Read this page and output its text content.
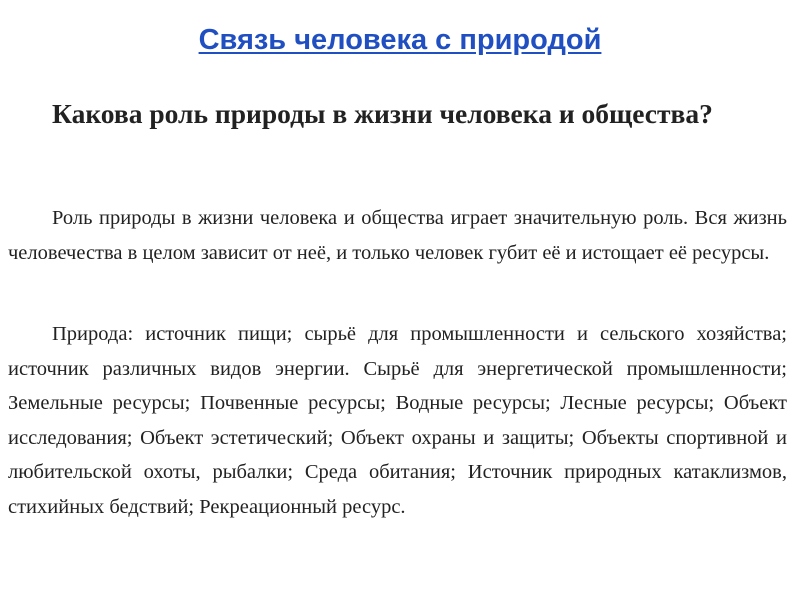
Связь человека с природой

Какова роль природы в жизни человека и общества?

Роль природы в жизни человека и общества играет значительную роль. Вся жизнь человечества в целом зависит от неё, и только человек губит её и истощает её ресурсы.

Природа: источник пищи; сырьё для промышленности и сельского хозяйства; источник различных видов энергии. Сырьё для энергетической промышленности; Земельные ресурсы; Почвенные ресурсы; Водные ресурсы; Лесные ресурсы; Объект исследования; Объект эстетический; Объект охраны и защиты; Объекты спортивной и любительской охоты, рыбалки; Среда обитания; Источник природных катаклизмов, стихийных бедствий; Рекреационный ресурс.
